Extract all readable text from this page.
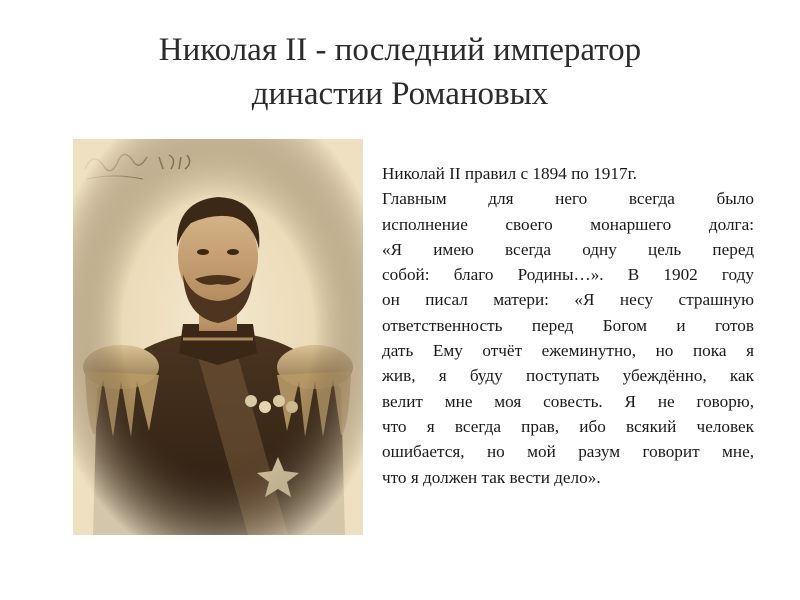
Николая II - последний император
династии Романовых
Николай II правил с 1894 по 1917г.
Главным для него всегда было
исполнение своего монаршего долга:
«Я имею всегда одну цель перед
собой: благо Родины…». В 1902 году
он писал матери: «Я несу страшную
ответственность перед Богом и готов
дать Ему отчёт ежеминутно, но пока я
жив, я буду поступать убеждённо, как
велит мне моя совесть. Я не говорю,
что я всегда прав, ибо всякий человек
ошибается, но мой разум говорит мне,
что я должен так вести дело».
